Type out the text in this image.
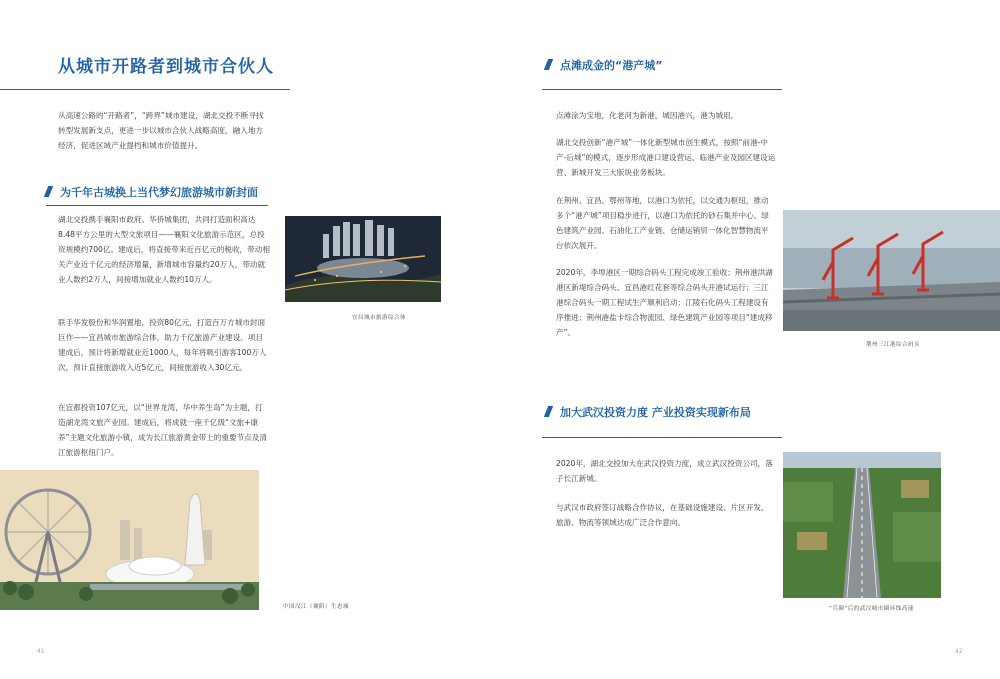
从城市开路者到城市合伙人
从高速公路的“开路者”，“跨界”城市建设，湖北交投不断寻找转型发展新支点，更进一步以城市合伙人战略高度，融入地方经济，促进区域产业提档和城市价值提升。
为千年古城换上当代梦幻旅游城市新封面
湖北交投携手襄阳市政府、华侨城集团，共同打造面积高达8.48平方公里的大型文旅项目——襄阳文化旅游示范区，总投资规模约700亿。建成后，将直接带来近百亿元的税收，带动相关产业近千亿元的经济增量，新增城市容量约20万人，带动就业人数约2万人，间接增加就业人数约10万人。
联手华发股份和华润置地，投资80亿元，打造百万方城市封面巨作——宜昌城市旅游综合体，助力千亿旅游产业建设。项目建成后，预计将新增就业近1000人，每年将吸引游客100万人次，预计直接旅游收入近5亿元，间接旅游收入30亿元。
在宜都投资107亿元，以“世界龙湾，华中养生岛”为主题，打造湖龙湾文旅产业园。建成后，将成就一座千亿级“文旅+康养”主题文化旅游小镇，成为长江旅游黄金带上的重要节点及清江旅游枢纽门户。
宜昌城市旅游综合体
中国汉江（襄阳）生态城
41
点滩成金的“港产城”
点滩涂为宝地，化老河为新港，城因港兴，港为城用。
湖北交投创新“港产城”一体化新型城市创生模式，按照“前港-中产-后城”的模式，逐步形成港口建设营运、临港产业及园区建设运营、新城开发三大版块业务板块。
在荆州、宜昌、鄂州等地，以港口为依托，以交通为枢纽，推动多个“港产城”项目稳步进行，以港口为依托的砂石集并中心、绿色建筑产业园、石油化工产业链、仓储运销贸一体化智慧物流平台依次展开。
2020年，李埠港区一期综合码头工程完成竣工验收；荆州港洪湖港区新堤综合码头、宜昌港红花套等综合码头开港试运行；三江港综合码头一期工程试生产顺利启动；江陵石化码头工程建设有序推进；荆州港盐卡综合物流园、绿色建筑产业园等项目“建成移产”。
荆州三江港综合码头
加大武汉投资力度 产业投资实现新布局
2020年，湖北交投加大在武汉投资力度，成立武汉投资公司，落子长江新城。
与武汉市政府签订战略合作协议，在基础设施建设、片区开发、旅游、物流等领域达成广泛合作意向。
“兵圈”后的武汉城市圈环线高速
42
